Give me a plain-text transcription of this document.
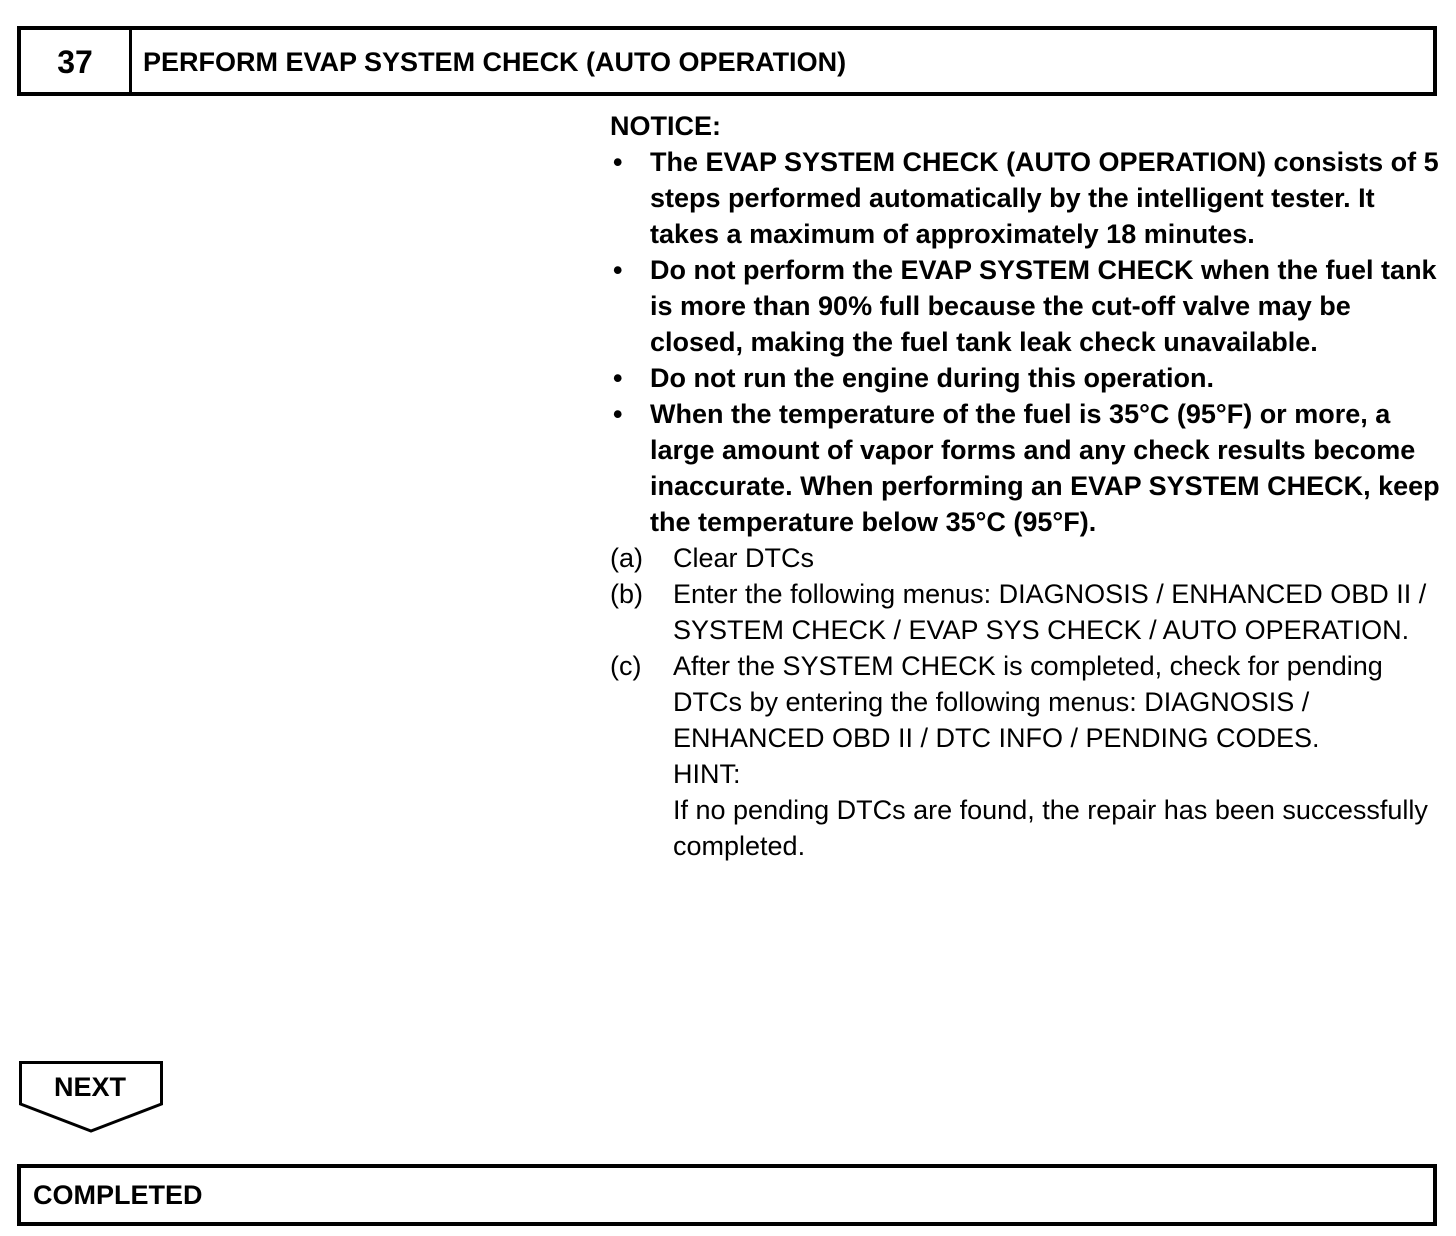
37	PERFORM EVAP SYSTEM CHECK (AUTO OPERATION)
NOTICE:
•	The EVAP SYSTEM CHECK (AUTO OPERATION) consists of 5 steps performed automatically by the intelligent tester. It takes a maximum of approximately 18 minutes.
•	Do not perform the EVAP SYSTEM CHECK when the fuel tank is more than 90% full because the cut-off valve may be closed, making the fuel tank leak check unavailable.
•	Do not run the engine during this operation.
•	When the temperature of the fuel is 35°C (95°F) or more, a large amount of vapor forms and any check results become inaccurate. When performing an EVAP SYSTEM CHECK, keep the temperature below 35°C (95°F).
(a)	Clear DTCs
(b)	Enter the following menus: DIAGNOSIS / ENHANCED OBD II / SYSTEM CHECK / EVAP SYS CHECK / AUTO OPERATION.
(c)	After the SYSTEM CHECK is completed, check for pending DTCs by entering the following menus: DIAGNOSIS / ENHANCED OBD II / DTC INFO / PENDING CODES.
HINT:
If no pending DTCs are found, the repair has been successfully completed.
NEXT
COMPLETED
